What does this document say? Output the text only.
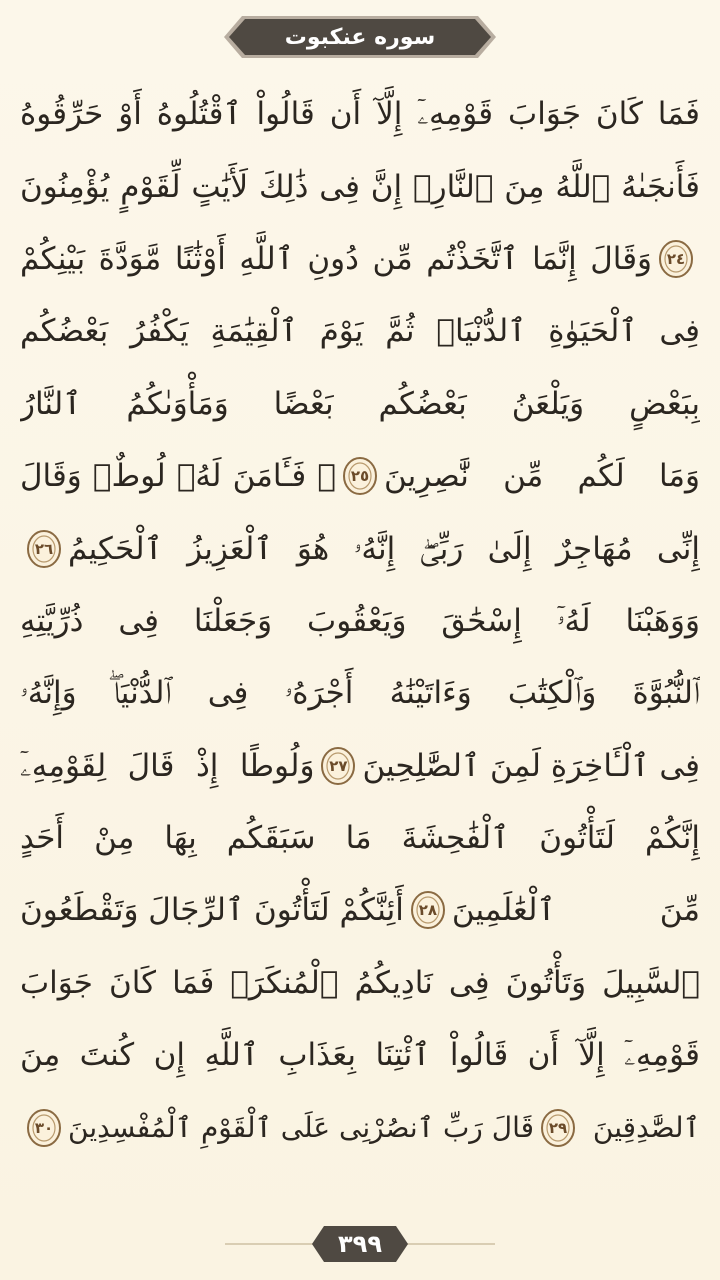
سوره عنکبوت
فَمَا كَانَ جَوَابَ قَوْمِهِۦٓ إِلَّآ أَن قَالُواْ ٱقْتُلُوهُ أَوْ حَرِّقُوهُ
فَأَنجَىٰهُ ٱللَّهُ مِنَ ٱلنَّارِۚ إِنَّ فِى ذَٰلِكَ لَأَيَٰتٍ لِّقَوْمٍ يُؤْمِنُونَ
٢٤
وَقَالَ إِنَّمَا ٱتَّخَذْتُم مِّن دُونِ ٱللَّهِ أَوْثَٰنًا مَّوَدَّةَ بَيْنِكُمْ
فِى ٱلْحَيَوٰةِ ٱلدُّنْيَاۖ ثُمَّ يَوْمَ ٱلْقِيَٰمَةِ يَكْفُرُ بَعْضُكُم
بِبَعْضٍ وَيَلْعَنُ بَعْضُكُم بَعْضًا وَمَأْوَىٰكُمُ ٱلنَّارُ
وَمَا لَكُم مِّن نَّٰصِرِينَ
٢٥
۞ فَـَٔامَنَ لَهُۥ لُوطٌۘ وَقَالَ
إِنِّى مُهَاجِرٌ إِلَىٰ رَبِّىٓۖ إِنَّهُۥ هُوَ ٱلْعَزِيزُ ٱلْحَكِيمُ
٢٦
وَوَهَبْنَا لَهُۥٓ إِسْحَٰقَ وَيَعْقُوبَ وَجَعَلْنَا فِى ذُرِّيَّتِهِ
ٱلنُّبُوَّةَ وَٱلْكِتَٰبَ وَءَاتَيْنَٰهُ أَجْرَهُۥ فِى ٱلدُّنْيَاۖ وَإِنَّهُۥ
فِى ٱلْـَٔاخِرَةِ لَمِنَ ٱلصَّٰلِحِينَ
٢٧
وَلُوطًا إِذْ قَالَ لِقَوْمِهِۦٓ
إِنَّكُمْ لَتَأْتُونَ ٱلْفَٰحِشَةَ مَا سَبَقَكُم بِهَا مِنْ أَحَدٍ
مِّنَ ٱلْعَٰلَمِينَ
٢٨
أَئِنَّكُمْ لَتَأْتُونَ ٱلرِّجَالَ وَتَقْطَعُونَ
ٱلسَّبِيلَ وَتَأْتُونَ فِى نَادِيكُمُ ٱلْمُنكَرَۖ فَمَا كَانَ جَوَابَ
قَوْمِهِۦٓ إِلَّآ أَن قَالُواْ ٱئْتِنَا بِعَذَابِ ٱللَّهِ إِن كُنتَ مِنَ
ٱلصَّٰدِقِينَ
٢٩
قَالَ رَبِّ ٱنصُرْنِى عَلَى ٱلْقَوْمِ ٱلْمُفْسِدِينَ
٣٠
٣٩٩
